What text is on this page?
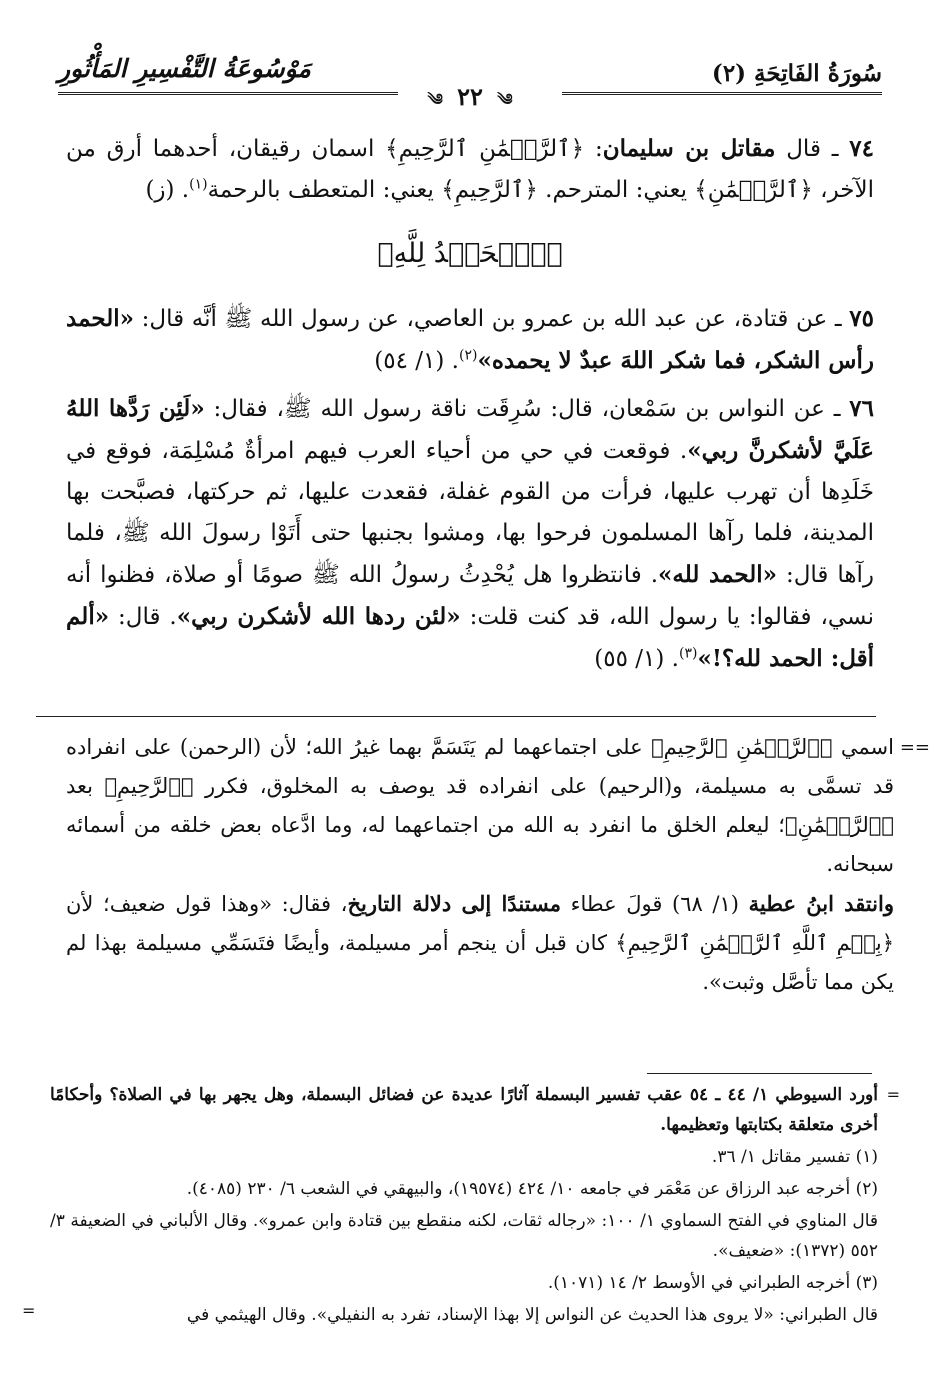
سُورَةُ الفَاتِحَةِ (٢)
مَوْسُوعَةُ التَّفْسِيرِ المَأْثُورِ
༄ ٢٢ ༄

٧٤ ـ قال مقاتل بن سليمان: ﴿ٱلرَّحۡمَٰنِ ٱلرَّحِيمِ﴾ اسمان رقيقان، أحدهما أرق من الآخر، ﴿ٱلرَّحۡمَٰنِ﴾ يعني: المترحم. ﴿ٱلرَّحِيمِ﴾ يعني: المتعطف بالرحمة$^{(١)}$. (ز)

﴿ٱلۡحَمۡدُ لِلَّهِ﴾

٧٥ ـ عن قتادة، عن عبد الله بن عمرو بن العاصي، عن رسول الله ﷺ أنَّه قال: «الحمد رأس الشكر، فما شكر اللهَ عبدٌ لا يحمده»$^{(٢)}$. (١/ ٥٤)

٧٦ ـ عن النواس بن سَمْعان، قال: سُرِقَت ناقة رسول الله ﷺ، فقال: «لَئِن رَدَّها اللهُ عَلَيَّ لأشكرنَّ ربي». فوقعت في حي من أحياء العرب فيهم امرأةٌ مُسْلِمَة، فوقع في خَلَدِها أن تهرب عليها، فرأت من القوم غفلة، فقعدت عليها، ثم حركتها، فصبَّحت بها المدينة، فلما رآها المسلمون فرحوا بها، ومشوا بجنبها حتى أَتَوْا رسولَ الله ﷺ، فلما رآها قال: «الحمد لله». فانتظروا هل يُحْدِثُ رسولُ الله ﷺ صومًا أو صلاة، فظنوا أنه نسي، فقالوا: يا رسول الله، قد كنت قلت: «لئن ردها الله لأشكرن ربي». قال: «ألم أقل: الحمد لله؟!»$^{(٣)}$. (١/ ٥٥)

==

اسمي ﴿ٱلرَّحۡمَٰنِ ٱلرَّحِيمِ﴾ على اجتماعهما لم يَتَسَمَّ بهما غيرُ الله؛ لأن (الرحمن) على انفراده قد تسمَّى به مسيلمة، و(الرحيم) على انفراده قد يوصف به المخلوق، فكرر ﴿ٱلرَّحِيمِ﴾ بعد ﴿ٱلرَّحۡمَٰنِ﴾؛ ليعلم الخلق ما انفرد به الله من اجتماعهما له، وما ادَّعاه بعض خلقه من أسمائه سبحانه.

وانتقد ابنُ عطية (١/ ٦٨) قولَ عطاء مستندًا إلى دلالة التاريخ، فقال: «وهذا قول ضعيف؛ لأن ﴿بِسۡمِ ٱللَّهِ ٱلرَّحۡمَٰنِ ٱلرَّحِيمِ﴾ كان قبل أن ينجم أمر مسيلمة، وأيضًا فتَسَمِّي مسيلمة بهذا لم يكن مما تأصَّل وثبت».

=

أورد السيوطي ١/ ٤٤ ـ ٥٤ عقب تفسير البسملة آثارًا عديدة عن فضائل البسملة، وهل يجهر بها في الصلاة؟ وأحكامًا أخرى متعلقة بكتابتها وتعظيمها.

(١) تفسير مقاتل ١/ ٣٦.

(٢) أخرجه عبد الرزاق عن مَعْمَر في جامعه ١٠/ ٤٢٤ (١٩٥٧٤)، والبيهقي في الشعب ٦/ ٢٣٠ (٤٠٨٥).

قال المناوي في الفتح السماوي ١/ ١٠٠: «رجاله ثقات، لكنه منقطع بين قتادة وابن عمرو». وقال الألباني في الضعيفة ٣/ ٥٥٢ (١٣٧٢): «ضعيف».

(٣) أخرجه الطبراني في الأوسط ٢/ ١٤ (١٠٧١).

قال الطبراني: «لا يروى هذا الحديث عن النواس إلا بهذا الإسناد، تفرد به النفيلي». وقال الهيثمي في

=
